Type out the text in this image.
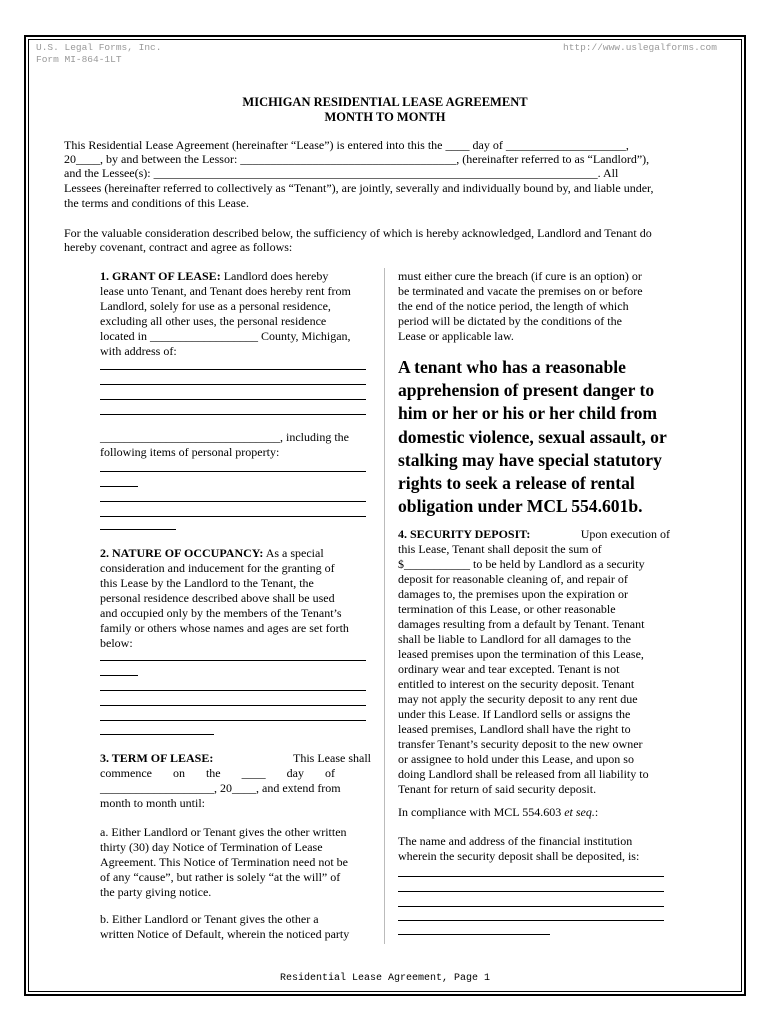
U.S. Legal Forms, Inc.
Form MI-864-1LT
http://www.uslegalforms.com
MICHIGAN RESIDENTIAL LEASE AGREEMENT
MONTH TO MONTH
This Residential Lease Agreement (hereinafter “Lease”) is entered into this the ____ day of ____________________,
20____, by and between the Lessor: ____________________________________, (hereinafter referred to as “Landlord”),
and the Lessee(s): __________________________________________________________________________. All
Lessees (hereinafter referred to collectively as “Tenant”), are jointly, severally and individually bound by, and liable under,
the terms and conditions of this Lease.
For the valuable consideration described below, the sufficiency of which is hereby acknowledged, Landlord and Tenant do
hereby covenant, contract and agree as follows:
1. GRANT OF LEASE: Landlord does hereby
lease unto Tenant, and Tenant does hereby rent from
Landlord, solely for use as a personal residence,
excluding all other uses, the personal residence
located in __________________ County, Michigan,
with address of:
______________________________, including the
following items of personal property:
2. NATURE OF OCCUPANCY: As a special
consideration and inducement for the granting of
this Lease by the Landlord to the Tenant, the
personal residence described above shall be used
and occupied only by the members of the Tenant’s
family or others whose names and ages are set forth
below:
3. TERM OF LEASE:	This Lease shall
commence       on       the       ____       day       of
___________________, 20____, and extend from
month to month until:
a. Either Landlord or Tenant gives the other written
thirty (30) day Notice of Termination of Lease
Agreement. This Notice of Termination need not be
of any “cause”, but rather is solely “at the will” of
the party giving notice.
b. Either Landlord or Tenant gives the other a
written Notice of Default, wherein the noticed party
must either cure the breach (if cure is an option) or
be terminated and vacate the premises on or before
the end of the notice period, the length of which
period will be dictated by the conditions of the
Lease or applicable law.
A tenant who has a reasonable
apprehension of present danger to
him or her or his or her child from
domestic violence, sexual assault, or
stalking may have special statutory
rights to seek a release of rental
obligation under MCL 554.601b.
4. SECURITY DEPOSIT:	Upon execution of
this Lease, Tenant shall deposit the sum of
$___________ to be held by Landlord as a security
deposit for reasonable cleaning of, and repair of
damages to, the premises upon the expiration or
termination of this Lease, or other reasonable
damages resulting from a default by Tenant. Tenant
shall be liable to Landlord for all damages to the
leased premises upon the termination of this Lease,
ordinary wear and tear excepted. Tenant is not
entitled to interest on the security deposit. Tenant
may not apply the security deposit to any rent due
under this Lease. If Landlord sells or assigns the
leased premises, Landlord shall have the right to
transfer Tenant’s security deposit to the new owner
or assignee to hold under this Lease, and upon so
doing Landlord shall be released from all liability to
Tenant for return of said security deposit.
In compliance with MCL 554.603 et seq.:
The name and address of the financial institution
wherein the security deposit shall be deposited, is:
Residential Lease Agreement, Page 1
